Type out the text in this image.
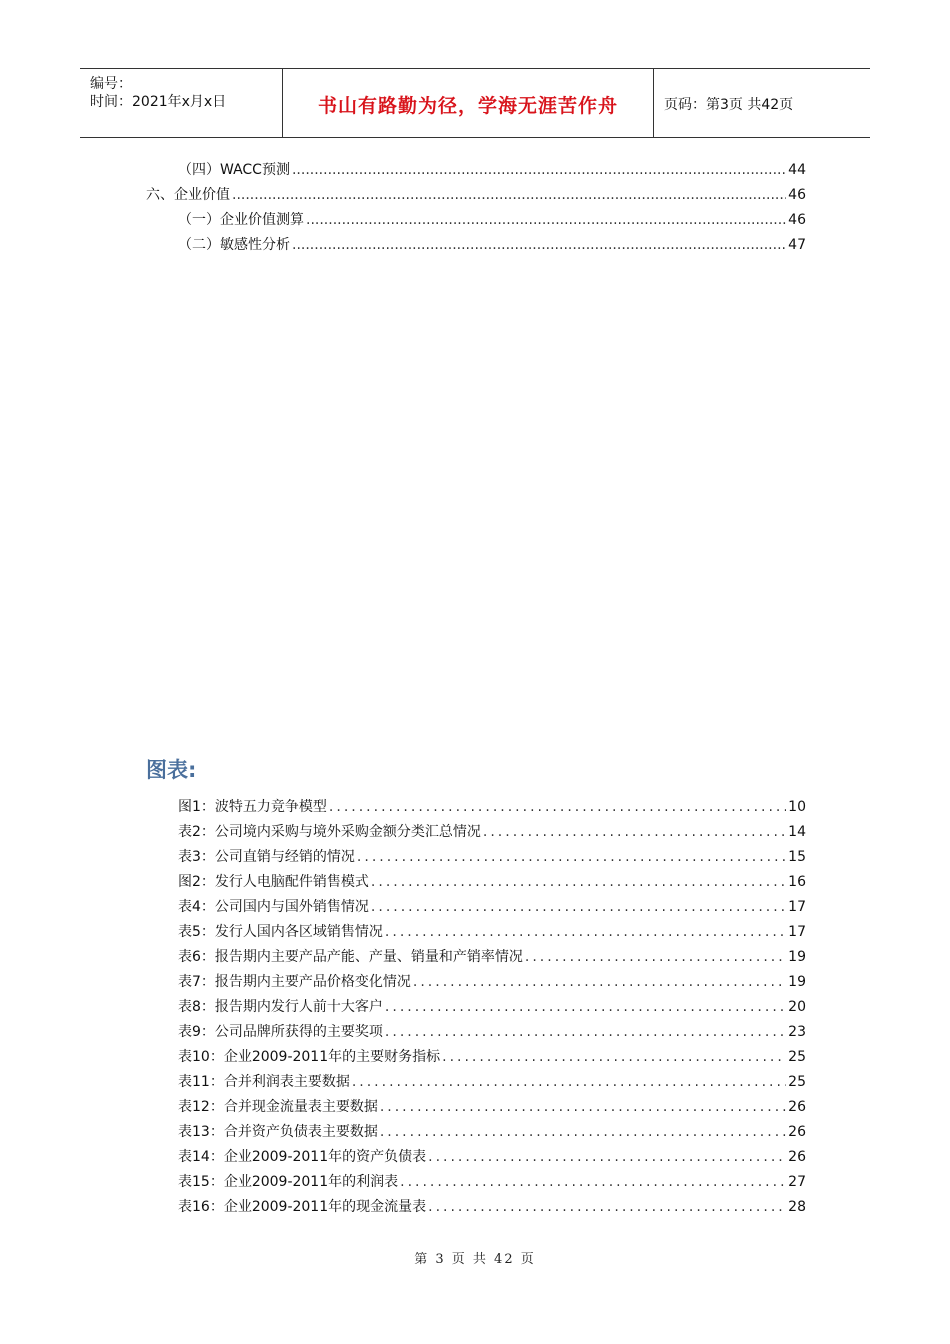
编号：
时间：2021年x月x日	书山有路勤为径，学海无涯苦作舟	页码：第3页 共42页
（四）WACC预测 .....	44
六、企业价值 .....	46
（一）企业价值测算 .....	46
（二）敏感性分析 .....	47
图表:
图1：波特五力竞争模型 .....	10
表2：公司境内采购与境外采购金额分类汇总情况 .....	14
表3：公司直销与经销的情况 .....	15
图2：发行人电脑配件销售模式 .....	16
表4：公司国内与国外销售情况 .....	17
表5：发行人国内各区域销售情况 .....	17
表6：报告期内主要产品产能、产量、销量和产销率情况 .....	19
表7：报告期内主要产品价格变化情况 .....	19
表8：报告期内发行人前十大客户 .....	20
表9：公司品牌所获得的主要奖项 .....	23
表10：企业2009-2011年的主要财务指标 .....	25
表11：合并利润表主要数据 .....	25
表12：合并现金流量表主要数据 .....	26
表13：合并资产负债表主要数据 .....	26
表14：企业2009-2011年的资产负债表 .....	26
表15：企业2009-2011年的利润表 .....	27
表16：企业2009-2011年的现金流量表 .....	28
第 3 页 共 42 页
